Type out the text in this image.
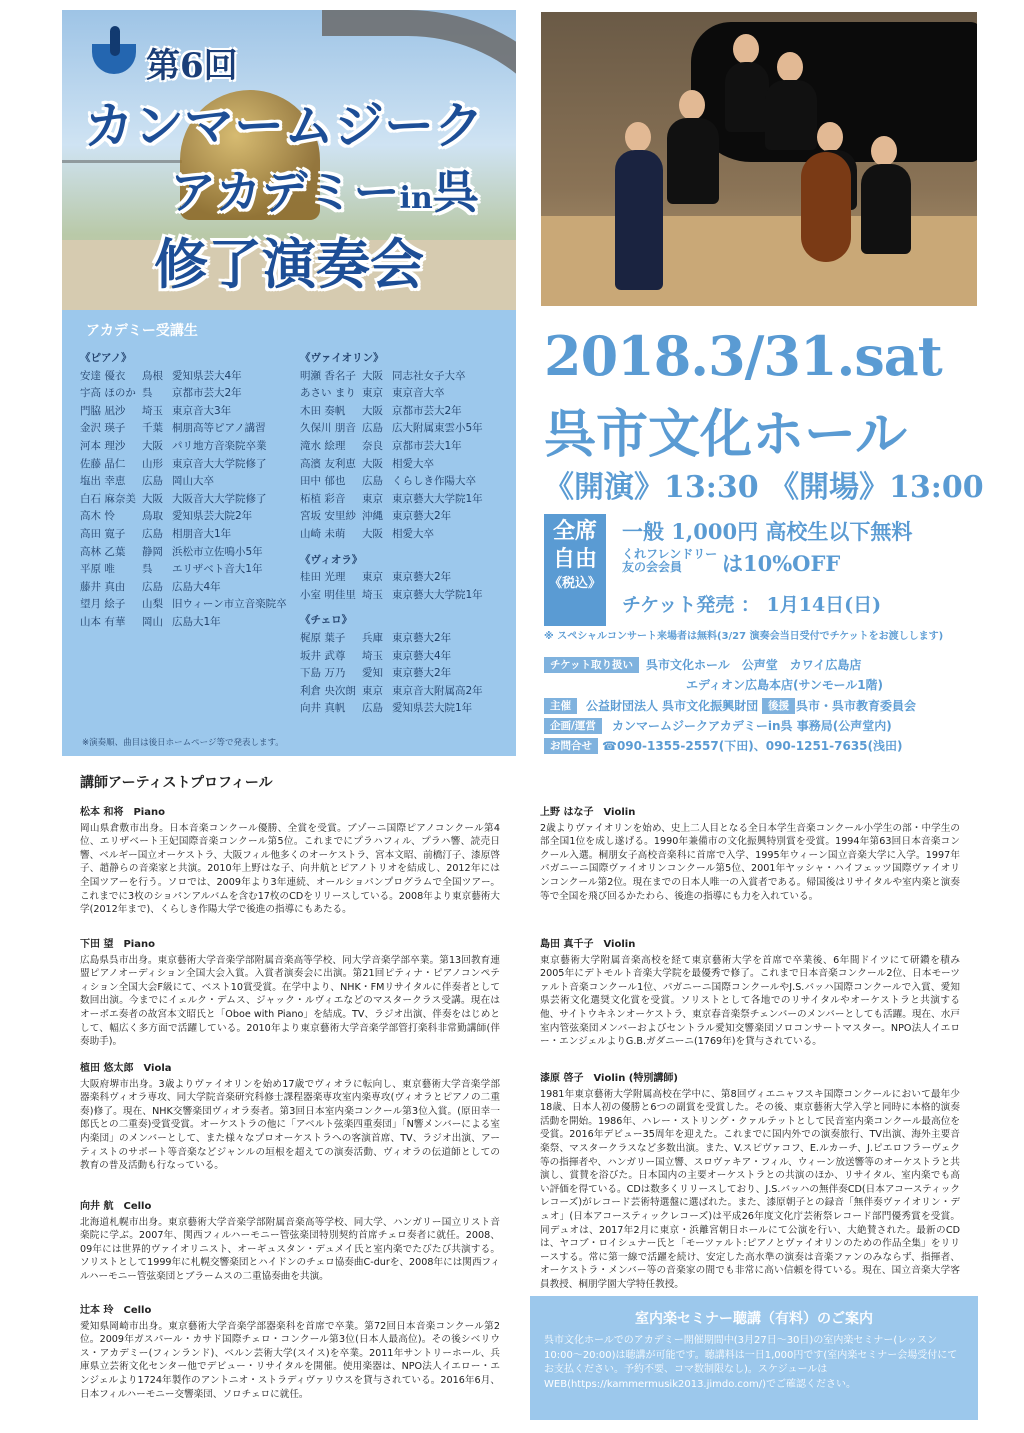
第6回
カンマームジーク
アカデミーin呉
修了演奏会
アカデミー受講生
《ピアノ》
安達 優衣 鳥根 愛知県芸大4年
宇高 ほのか 呉 京都市芸大2年
門脇 凪沙 埼玉 東京音大3年
金沢 瑛子 千葉 桐朋高等ピアノ講習
河本 理沙 大阪 パリ地方音楽院卒業
佐藤 晶仁 山形 東京音大大学院修了
塩出 幸恵 広島 岡山大卒
白石 麻奈美 大阪 大阪音大大学院修了
高木 怜	鳥取 愛知県芸大院2年
高田 寛子 広島 相朋音大1年
高林 乙葉 静岡 浜松市立佐鳴小5年
平原 唯	呉 エリザベト音大1年
藤井 真由 広島 広島大4年
望月 絵子 山梨 旧ウィーン市立音楽院卒
山本 有華 岡山 広島大1年
《ヴァイオリン》
明瀬 香名子 大阪 同志社女子大卒
あさい まり 東京 東京音大卒
木田 奏帆 大阪 京都市芸大2年
久保川 朋音 広島 広大附属東雲小5年
滝水 絵理 奈良 京都市芸大1年
高濱 友利恵 大阪 相愛大卒
田中 郁也 広島 くらしき作陽大卒
柘植 彩音 東京 東京藝大大学院1年
宮坂 安里紗 沖縄 東京藝大2年
山崎 未萌 大阪 相愛大卒
《ヴィオラ》
桂田 光理 東京 東京藝大2年
小室 明佳里 埼玉 東京藝大大学院1年
《チェロ》
梶原 葉子 兵庫 東京藝大2年
坂井 武尊 埼玉 東京藝大4年
下島 万乃 愛知 東京藝大2年
利倉 央次朗 東京 東京音大附属高2年
向井 真帆 広島 愛知県芸大院1年
※演奏順、曲目は後日ホームページ等で発表します。
2018.3/31.sat
呉市文化ホール
《開演》13:30 《開場》13:00
全席
自由
《税込》
一般 1,000円 高校生以下無料
くれフレンドリー
友の会会員	は10%OFF
チケット発売 ： 1月14日(日)
※ スペシャルコンサート来場者は無料(3/27 演奏会当日受付でチケットをお渡しします)
チケット取り扱い	呉市文化ホール　公声堂　カワイ広島店
エディオン広島本店(サンモール1階)
主催	公益財団法人 呉市文化振興財団 後援 呉市・呉市教育委員会
企画/運営	カンマームジークアカデミーin呉 事務局(公声堂内)
お問合せ ☎090-1355-2557(下田)、090-1251-7635(浅田)
講師アーティストプロフィール
室内楽セミナー聴講（有料）のご案内
呉市文化ホールでのアカデミー開催期間中(3月27日〜30日)の室内楽セミナー(レッスン10:00〜20:00)は聴講が可能です。聴講料は一日1,000円です(室内楽セミナー会場受付にてお支払ください。予約不要、コマ数制限なし)。スケジュールはWEB(https://kammermusik2013.jimdo.com/)でご確認ください。
松本 和将　Piano
岡山県倉敷市出身。日本音楽コンクール優勝、全賞を受賞。ブゾーニ国際ピアノコンクール第4位、エリザベート王妃国際音楽コンクール第5位。これまでにプラハフィル、プラハ響、読売日響、ベルギー国立オーケストラ、大阪フィル他多くのオーケストラ、宮本文昭、前橋汀子、漆原啓子、趙静らの音楽家と共演。2010年上野はな子、向井航とピアノトリオを結成し、2012年には全国ツアーを行う。ソロでは、2009年より3年連続、オールショパンプログラムで全国ツアー。これまでに3枚のショパンアルバムを含む17枚のCDをリリースしている。2008年より東京藝術大学(2012年まで)、くらしき作陽大学で後進の指導にもあたる。
下田 望　Piano
広島県呉市出身。東京藝術大学音楽学部附属音楽高等学校、同大学音楽学部卒業。第13回教育連盟ピアノオーディション全国大会入賞。入賞者演奏会に出演。第21回ピティナ・ピアノコンペティション全国大会F級にて、ベスト10賞受賞。在学中より、NHK・FMリサイタルに伴奏者として数回出演。今までにイェルク・デムス、ジャック・ルヴィエなどのマスタークラス受講。現在はオーボエ奏者の故宮本文昭氏と「Oboe with Piano」を結成。TV、ラジオ出演、伴奏をはじめとして、幅広く多方面で活躍している。2010年より東京藝術大学音楽学部管打楽科非常勤講師(伴奏助手)。
植田 悠太郎　Viola
大阪府堺市出身。3歳よりヴァイオリンを始め17歳でヴィオラに転向し、東京藝術大学音楽学部器楽科ヴィオラ専攻、同大学院音楽研究科修士課程器楽専攻室内楽専攻(ヴィオラとピアノの二重奏)修了。現在、NHK交響楽団ヴィオラ奏者。第3回日本室内楽コンクール第3位入賞。(原田幸一郎氏との二重奏)受賞受賞。オーケストラの他に「アベルト弦楽四重奏団」「N響メンバーによる室内楽団」のメンバーとして、また様々なプロオーケストラへの客演首席、TV、ラジオ出演、アーティストのサポート等音楽などジャンルの垣根を超えての演奏活動、ヴィオラの伝道師としての教育の普及活動も行なっている。
向井 航　Cello
北海道札幌市出身。東京藝術大学音楽学部附属音楽高等学校、同大学、ハンガリー国立リスト音楽院に学ぶ。2007年、関西フィルハーモニー管弦楽団特別契約首席チェロ奏者に就任。2008、09年には世界的ヴァイオリニスト、オーギュスタン・デュメイ氏と室内楽でたびたび共演する。ソリストとして1999年に札幌交響楽団とハイドンのチェロ協奏曲C-durを、2008年には関西フィルハーモニー管弦楽団とブラームスの二重協奏曲を共演。
辻本 玲　Cello
愛知県岡崎市出身。東京藝術大学音楽学部器楽科を首席で卒業。第72回日本音楽コンクール第2位。2009年ガスパール・カサド国際チェロ・コンクール第3位(日本人最高位)。その後シベリウス・アカデミー(フィンランド)、ベルン芸術大学(スイス)を卒業。2011年サントリーホール、兵庫県立芸術文化センター他でデビュー・リサイタルを開催。使用楽器は、NPO法人イエロー・エンジェルより1724年製作のアントニオ・ストラディヴァリウスを貸与されている。2016年6月、日本フィルハーモニー交響楽団、ソロチェロに就任。
上野 はな子　Violin
2歳よりヴァイオリンを始め、史上二人目となる全日本学生音楽コンクール小学生の部・中学生の部全国1位を成し遂げる。1990年兼備市の文化振興特別賞を受賞。1994年第63回日本音楽コンクール入選。桐朋女子高校音楽科に首席で入学、1995年ウィーン国立音楽大学に入学。1997年パガニーニ国際ヴァイオリンコンクール第5位、2001年ヤッシャ・ハイフェッツ国際ヴァイオリンコンクール第2位。現在までの日本人唯一の入賞者である。帰国後はリサイタルや室内楽と演奏等で全国を飛び回るかたわら、後進の指導にも力を入れている。
島田 真千子　Violin
東京藝術大学附属音楽高校を経て東京藝術大学を首席で卒業後、6年間ドイツにて研鑽を積み2005年にデトモルト音楽大学院を最優秀で修了。これまで日本音楽コンクール2位、日本モーツァルト音楽コンクール1位、パガニーニ国際コンクールやJ.S.バッハ国際コンクールで入賞、愛知県芸術文化選奨文化賞を受賞。ソリストとして各地でのリサイタルやオーケストラと共演する他、サイトウキネンオーケストラ、東京春音楽祭チェンバーのメンバーとしても活躍。現在、水戸室内管弦楽団メンバーおよびセントラル愛知交響楽団ソロコンサートマスター。NPO法人イエロー・エンジェルよりG.B.ガダニーニ(1769年)を貸与されている。
漆原 啓子　Violin (特別講師)
1981年東京藝術大学附属高校在学中に、第8回ヴィエニャフスキ国際コンクールにおいて最年少18歳、日本人初の優勝と6つの副賞を受賞した。その後、東京藝術大学入学と同時に本格的演奏活動を開始。1986年、ハレー・ストリング・クァルテットとして民音室内楽コンクール最高位を受賞。2016年デビュー35周年を迎えた。これまでに国内外での演奏旅行、TV出演、海外主要音楽祭、マスタークラスなど多数出演。また、V.スピヴァコフ、E.ルカーチ、J.ピエロフラーヴェク等の指揮者や、ハンガリー国立響、スロヴァキア・フィル、ウィーン放送響等のオーケストラと共演し、賞賛を浴びた。日本国内の主要オーケストラとの共演のほか、リサイタル、室内楽でも高い評価を得ている。CDは数多くリリースしており、J.S.バッハの無伴奏CD(日本アコースティックレコーズ)がレコード芸術特選盤に選ばれた。また、漆原朝子との録音「無伴奏ヴァイオリン・デュオ」(日本アコースティックレコーズ)は平成26年度文化庁芸術祭レコード部門優秀賞を受賞。同デュオは、2017年2月に東京・浜離宮朝日ホールにて公演を行い、大絶賛された。最新のCDは、ヤコブ・ロイシュナー氏と「モーツァルト:ピアノとヴァイオリンのための作品全集」をリリースする。常に第一線で活躍を続け、安定した高水準の演奏は音楽ファンのみならず、指揮者、オーケストラ・メンバー等の音楽家の間でも非常に高い信頼を得ている。現在、国立音楽大学客員教授、桐朋学園大学特任教授。
